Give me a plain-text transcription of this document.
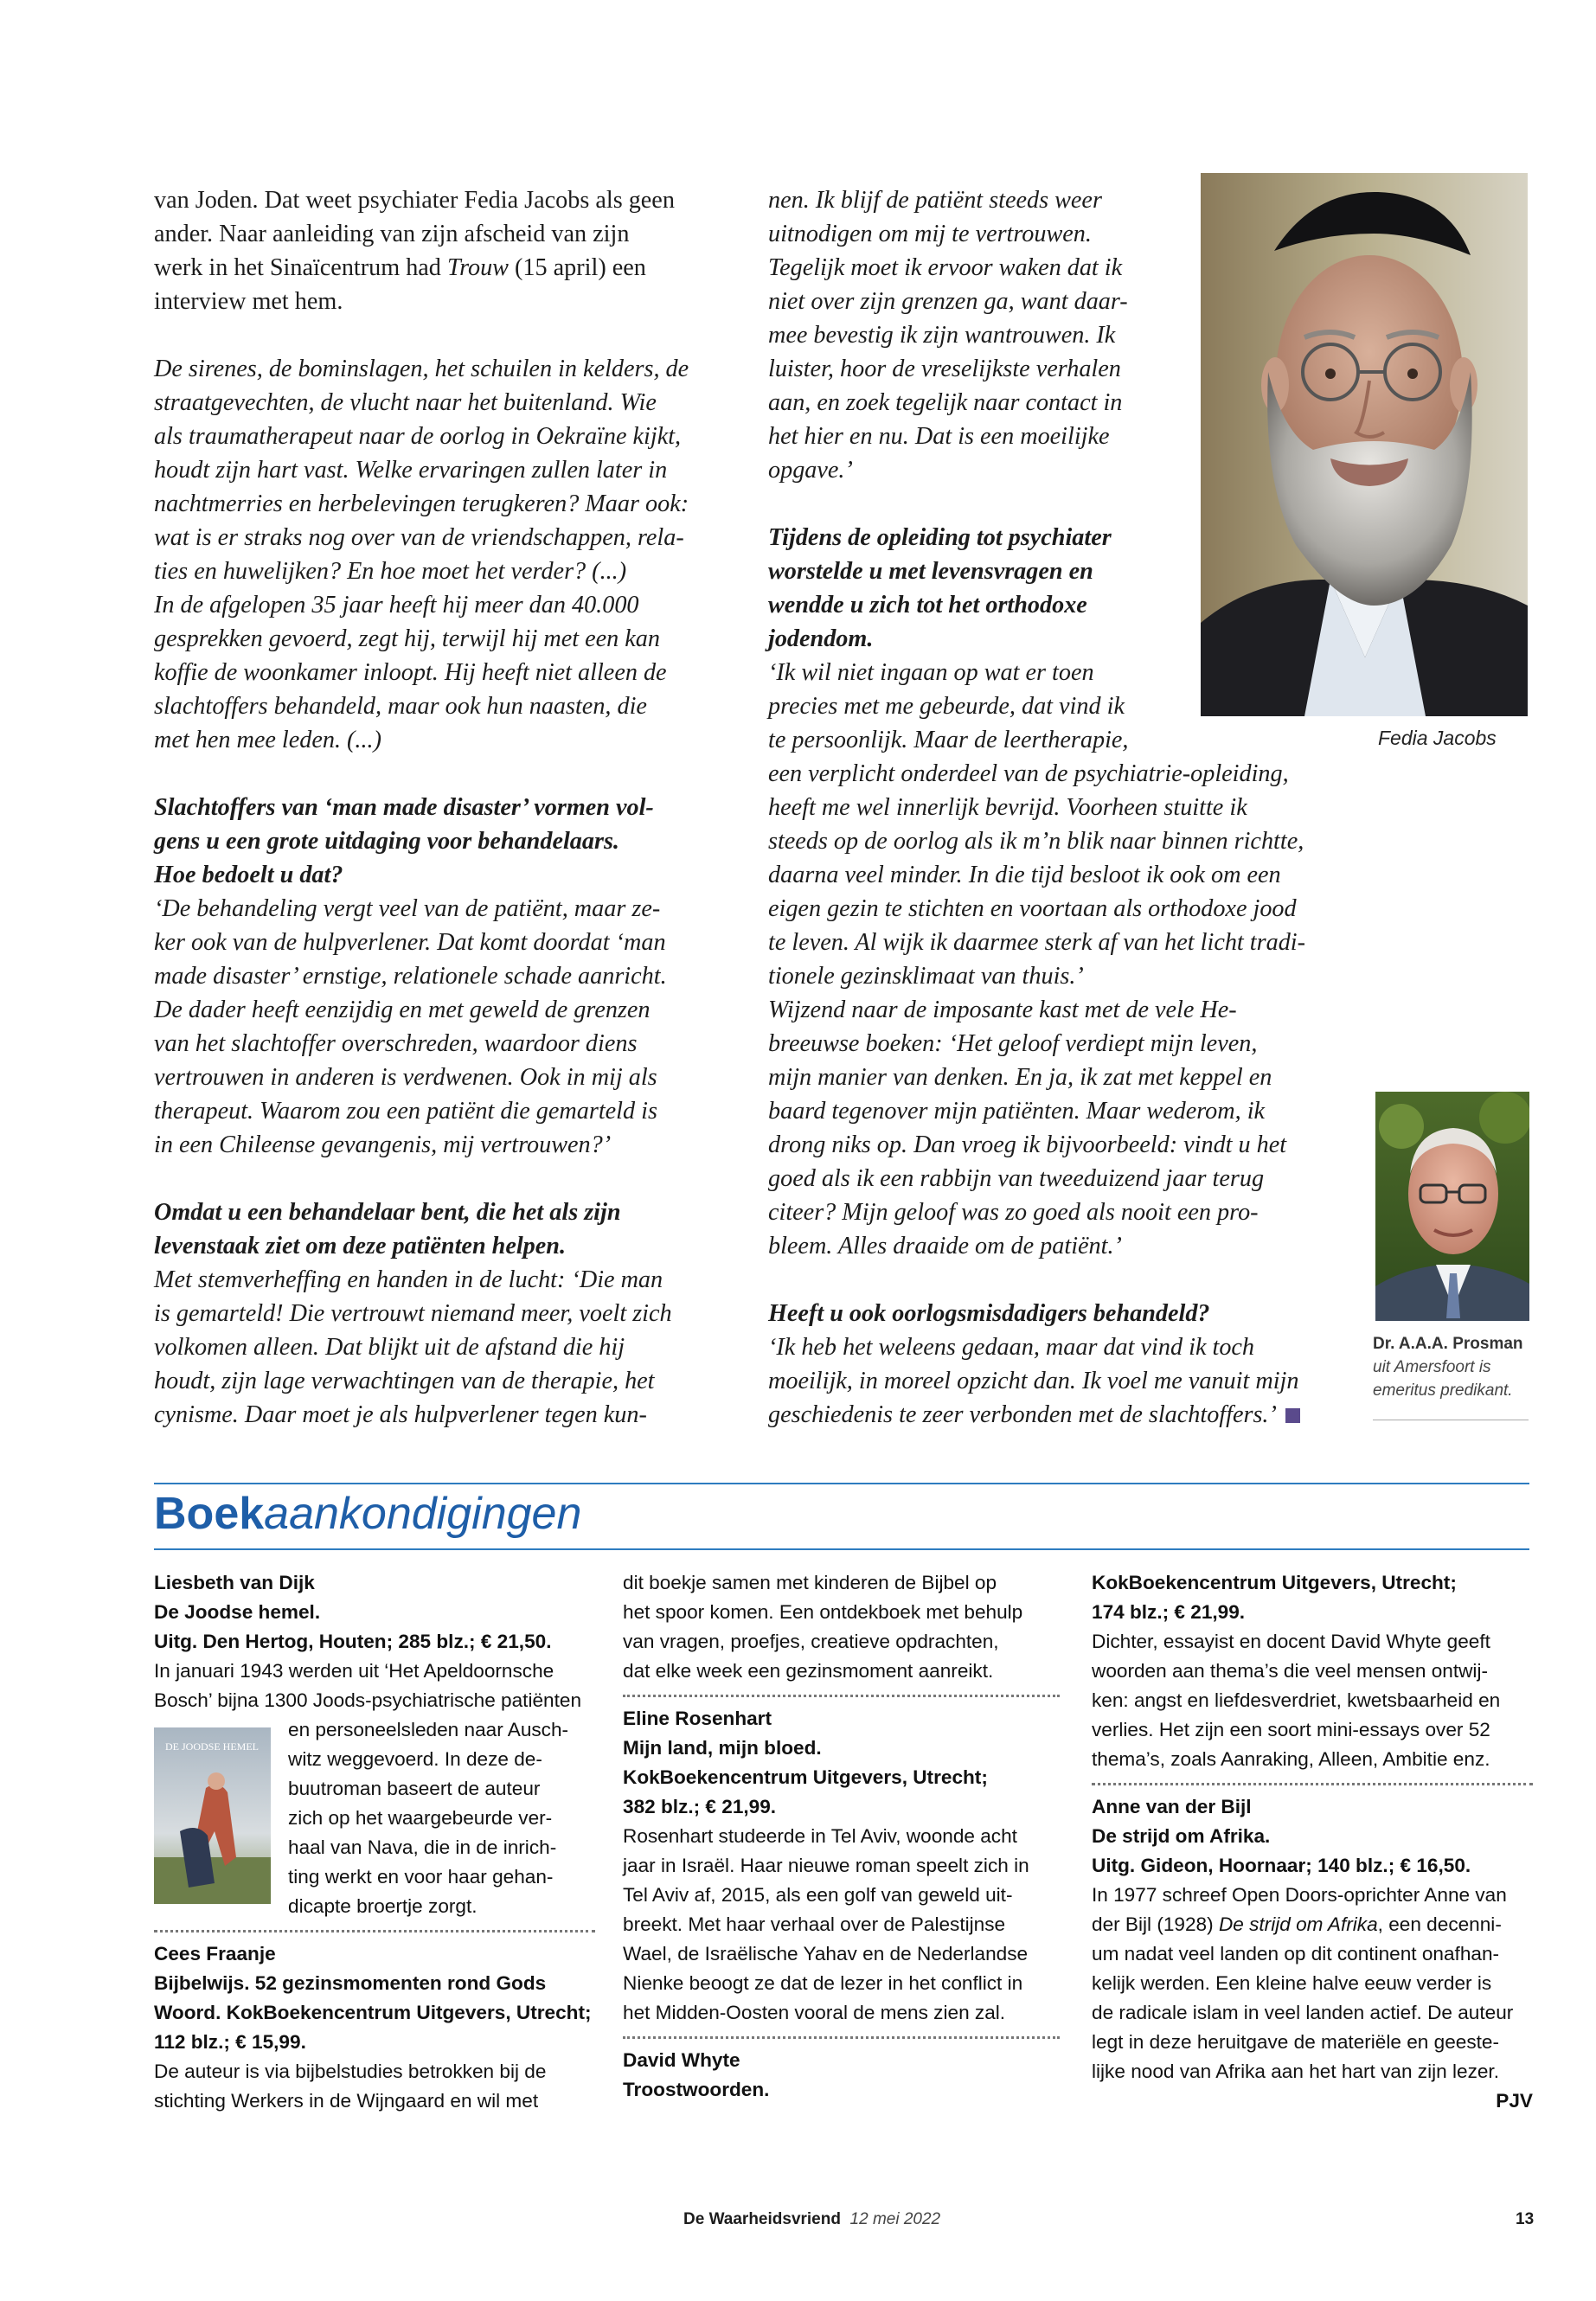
van Joden. Dat weet psychiater Fedia Jacobs als geen

ander. Naar aanleiding van zijn afscheid van zijn

werk in het Sinaïcentrum had Trouw (15 april) een

interview met hem.

De sirenes, de bominslagen, het schuilen in kelders, de

straatgevechten, de vlucht naar het buitenland. Wie

als traumatherapeut naar de oorlog in Oekraïne kijkt,

houdt zijn hart vast. Welke ervaringen zullen later in

nachtmerries en herbelevingen terugkeren? Maar ook:

wat is er straks nog over van de vriendschappen, rela-

ties en huwelijken? En hoe moet het verder? (...)

In de afgelopen 35 jaar heeft hij meer dan 40.000

gesprekken gevoerd, zegt hij, terwijl hij met een kan

koffie de woonkamer inloopt. Hij heeft niet alleen de

slachtoffers behandeld, maar ook hun naasten, die

met hen mee leden. (...)

Slachtoffers van ‘man made disaster’ vormen vol-

gens u een grote uitdaging voor behandelaars.

Hoe bedoelt u dat?

‘De behandeling vergt veel van de patiënt, maar ze-

ker ook van de hulpverlener. Dat komt doordat ‘man

made disaster’ ernstige, relationele schade aanricht.

De dader heeft eenzijdig en met geweld de grenzen

van het slachtoffer overschreden, waardoor diens

vertrouwen in anderen is verdwenen. Ook in mij als

therapeut. Waarom zou een patiënt die gemarteld is

in een Chileense gevangenis, mij vertrouwen?’

Omdat u een behandelaar bent, die het als zijn

levenstaak ziet om deze patiënten helpen.

Met stemverheffing en handen in de lucht: ‘Die man

is gemarteld! Die vertrouwt niemand meer, voelt zich

volkomen alleen. Dat blijkt uit de afstand die hij

houdt, zijn lage verwachtingen van de therapie, het

cynisme. Daar moet je als hulpverlener tegen kun-

nen. Ik blijf de patiënt steeds weer

uitnodigen om mij te vertrouwen.

Tegelijk moet ik ervoor waken dat ik

niet over zijn grenzen ga, want daar-

mee bevestig ik zijn wantrouwen. Ik

luister, hoor de vreselijkste verhalen

aan, en zoek tegelijk naar contact in

het hier en nu. Dat is een moeilijke

opgave.’

Tijdens de opleiding tot psychiater

worstelde u met levensvragen en

wendde u zich tot het orthodoxe

jodendom.

‘Ik wil niet ingaan op wat er toen

precies met me gebeurde, dat vind ik

te persoonlijk. Maar de leertherapie,

een verplicht onderdeel van de psychiatrie-opleiding,

heeft me wel innerlijk bevrijd. Voorheen stuitte ik

steeds op de oorlog als ik m’n blik naar binnen richtte,

daarna veel minder. In die tijd besloot ik ook om een

eigen gezin te stichten en voortaan als orthodoxe jood

te leven. Al wijk ik daarmee sterk af van het licht tradi-

tionele gezinsklimaat van thuis.’

Wijzend naar de imposante kast met de vele He-

breeuwse boeken: ‘Het geloof verdiept mijn leven,

mijn manier van denken. En ja, ik zat met keppel en

baard tegenover mijn patiënten. Maar wederom, ik

drong niks op. Dan vroeg ik bijvoorbeeld: vindt u het

goed als ik een rabbijn van tweeduizend jaar terug

citeer? Mijn geloof was zo goed als nooit een pro-

bleem. Alles draaide om de patiënt.’

Heeft u ook oorlogsmisdadigers behandeld?

‘Ik heb het weleens gedaan, maar dat vind ik toch

moeilijk, in moreel opzicht dan. Ik voel me vanuit mijn

geschiedenis te zeer verbonden met de slachtoffers.’

Fedia Jacobs
Dr. A.A.A. Prosman
uit Amersfoort is
emeritus predikant.
Boekaankondigingen

Liesbeth van Dijk

De Joodse hemel.

Uitg. Den Hertog, Houten; 285 blz.; € 21,50.

In januari 1943 werden uit ‘Het Apeldoornsche

Bosch’ bijna 1300 Joods-psychiatrische patiënten

DE JOODSE HEMEL

en personeelsleden naar Ausch-

witz weggevoerd. In deze de-

buutroman baseert de auteur

zich op het waargebeurde ver-

haal van Nava, die in de inrich-

ting werkt en voor haar gehan-

dicapte broertje zorgt.

Cees Fraanje

Bijbelwijs. 52 gezinsmomenten rond Gods

Woord. KokBoekencentrum Uitgevers, Utrecht;

112 blz.; € 15,99.

De auteur is via bijbelstudies betrokken bij de

stichting Werkers in de Wijngaard en wil met

dit boekje samen met kinderen de Bijbel op

het spoor komen. Een ontdekboek met behulp

van vragen, proefjes, creatieve opdrachten,

dat elke week een gezinsmoment aanreikt.

Eline Rosenhart

Mijn land, mijn bloed.

KokBoekencentrum Uitgevers, Utrecht;

382 blz.; € 21,99.

Rosenhart studeerde in Tel Aviv, woonde acht

jaar in Israël. Haar nieuwe roman speelt zich in

Tel Aviv af, 2015, als een golf van geweld uit-

breekt. Met haar verhaal over de Palestijnse

Wael, de Israëlische Yahav en de Nederlandse

Nienke beoogt ze dat de lezer in het conflict in

het Midden-Oosten vooral de mens zien zal.

David Whyte

Troostwoorden.

KokBoekencentrum Uitgevers, Utrecht;

174 blz.; € 21,99.

Dichter, essayist en docent David Whyte geeft

woorden aan thema’s die veel mensen ontwij-

ken: angst en liefdesverdriet, kwetsbaarheid en

verlies. Het zijn een soort mini-essays over 52

thema’s, zoals Aanraking, Alleen, Ambitie enz.

Anne van der Bijl

De strijd om Afrika.

Uitg. Gideon, Hoornaar; 140 blz.; € 16,50.

In 1977 schreef Open Doors-oprichter Anne van

der Bijl (1928) De strijd om Afrika, een decenni-

um nadat veel landen op dit continent onafhan-

kelijk werden. Een kleine halve eeuw verder is

de radicale islam in veel landen actief. De auteur

legt in deze heruitgave de materiële en geeste-

lijke nood van Afrika aan het hart van zijn lezer.

PJV

De Waarheidsvriend 12 mei 2022	13
